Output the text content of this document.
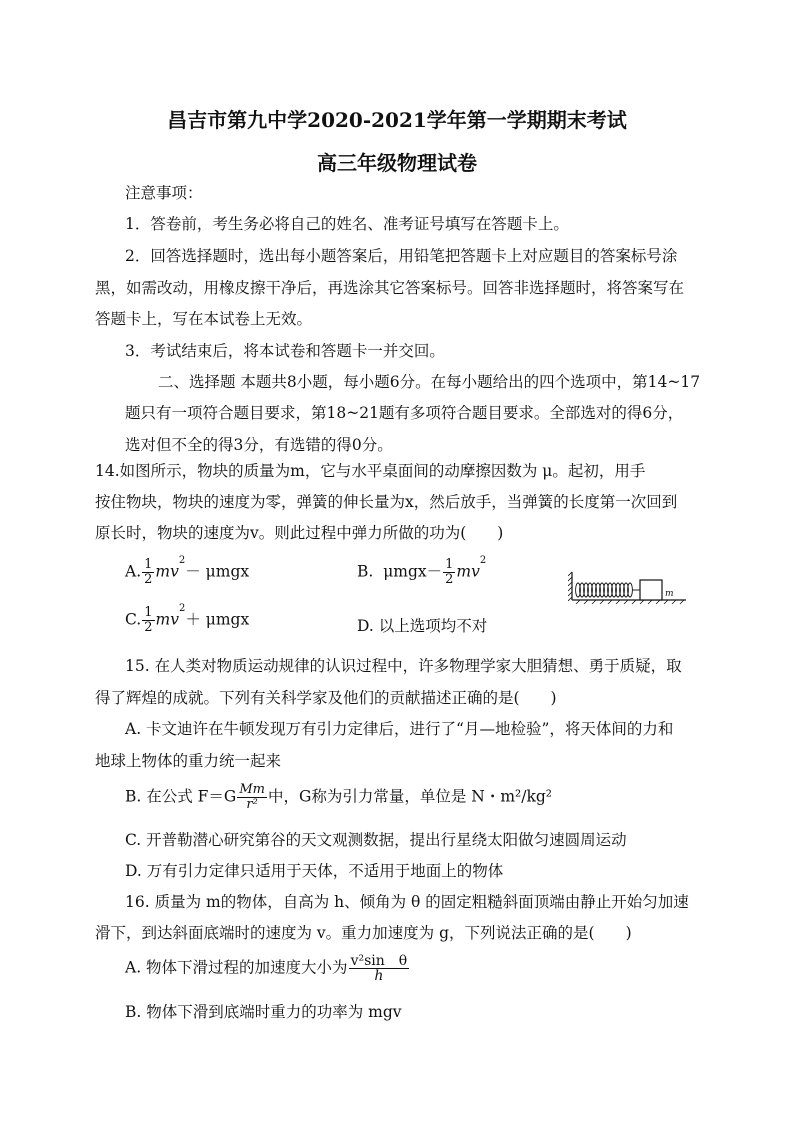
昌吉市第九中学2020-2021学年第一学期期末考试
高三年级物理试卷
注意事项：
1．答卷前，考生务必将自己的姓名、准考证号填写在答题卡上。
2．回答选择题时，选出每小题答案后，用铅笔把答题卡上对应题目的答案标号涂
黑，如需改动，用橡皮擦干净后，再选涂其它答案标号。回答非选择题时，将答案写在
答题卡上，写在本试卷上无效。
3．考试结束后，将本试卷和答题卡一并交回。
二、选择题 本题共8小题，每小题6分。在每小题给出的四个选项中，第14~17
题只有一项符合题目要求，第18~21题有多项符合题目要求。全部选对的得6分，
选对但不全的得3分，有选错的得0分。
14.如图所示，物块的质量为m，它与水平桌面间的动摩擦因数为 μ。起初，用手
按住物块，物块的速度为零，弹簧的伸长量为x，然后放手，当弹簧的长度第一次回到
原长时，物块的速度为v。则此过程中弹力所做的功为(　　)
A. $\frac{1}{2} mv^2- \mu mgx$	B. $\mu mgx- \frac{1}{2} mv^2$
C. $\frac{1}{2} mv^2+ \mu mgx$	D. 以上选项均不对
m
15. 在人类对物质运动规律的认识过程中，许多物理学家大胆猜想、勇于质疑，取
得了辉煌的成就。下列有关科学家及他们的贡献描述正确的是(　　)
A. 卡文迪许在牛顿发现万有引力定律后，进行了“月—地检验”，将天体间的力和
地球上物体的重力统一起来
B. 在公式 $F=G \frac{Mm}{\text{r²}}$ 中，G称为引力常量，单位是 N・m²/kg²
C. 开普勒潜心研究第谷的天文观测数据，提出行星绕太阳做匀速圆周运动
D. 万有引力定律只适用于天体，不适用于地面上的物体
16. 质量为 m的物体，自高为 h、倾角为 θ 的固定粗糙斜面顶端由静止开始匀加速
滑下，到达斜面底端时的速度为 v。重力加速度为 g，下列说法正确的是(　　)
A. 物体下滑过程的加速度大小为 $\frac{\text{v²sin　θ}}{h}$
B. 物体下滑到底端时重力的功率为 mgv
